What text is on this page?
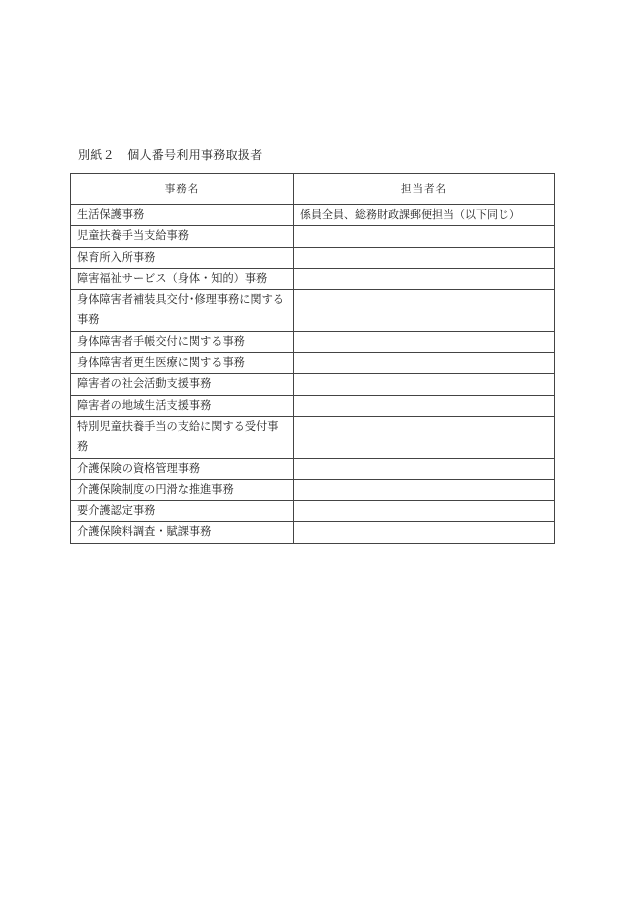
別紙２　個人番号利用事務取扱者
事務名	担当者名
生活保護事務	係員全員、総務財政課郵便担当（以下同じ）
児童扶養手当支給事務	
保育所入所事務	
障害福祉サービス（身体・知的）事務	
身体障害者補装具交付･修理事務に関する事務	
身体障害者手帳交付に関する事務	
身体障害者更生医療に関する事務	
障害者の社会活動支援事務	
障害者の地域生活支援事務	
特別児童扶養手当の支給に関する受付事務	
介護保険の資格管理事務	
介護保険制度の円滑な推進事務	
要介護認定事務	
介護保険料調査・賦課事務	
